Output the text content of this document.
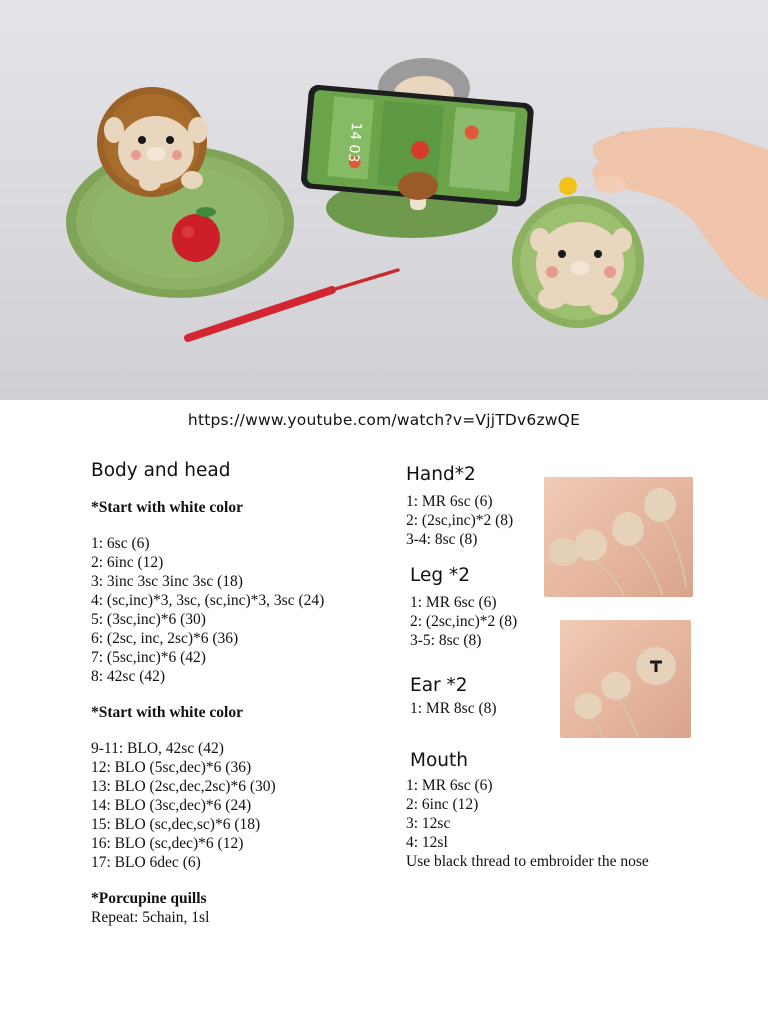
14 03
https://www.youtube.com/watch?v=VjjTDv6zwQE
Body and head
*Start with white color
1: 6sc (6)
2: 6inc (12)
3: 3inc 3sc 3inc 3sc (18)
4: (sc,inc)*3, 3sc, (sc,inc)*3, 3sc (24)
5: (3sc,inc)*6 (30)
6: (2sc, inc, 2sc)*6 (36)
7: (5sc,inc)*6 (42)
8: 42sc (42)
*Start with white color
9-11: BLO, 42sc (42)
12: BLO (5sc,dec)*6 (36)
13: BLO (2sc,dec,2sc)*6 (30)
14: BLO (3sc,dec)*6 (24)
15: BLO (sc,dec,sc)*6 (18)
16: BLO (sc,dec)*6 (12)
17: BLO 6dec (6)
*Porcupine quills
Repeat: 5chain, 1sl
Hand*2
1: MR 6sc (6)
2: (2sc,inc)*2 (8)
3-4: 8sc (8)
Leg *2
1: MR 6sc (6)
2: (2sc,inc)*2 (8)
3-5: 8sc (8)
Ear *2
1: MR 8sc (8)
Mouth
1: MR 6sc (6)
2: 6inc (12)
3: 12sc
4: 12sl
Use black thread to embroider the nose
